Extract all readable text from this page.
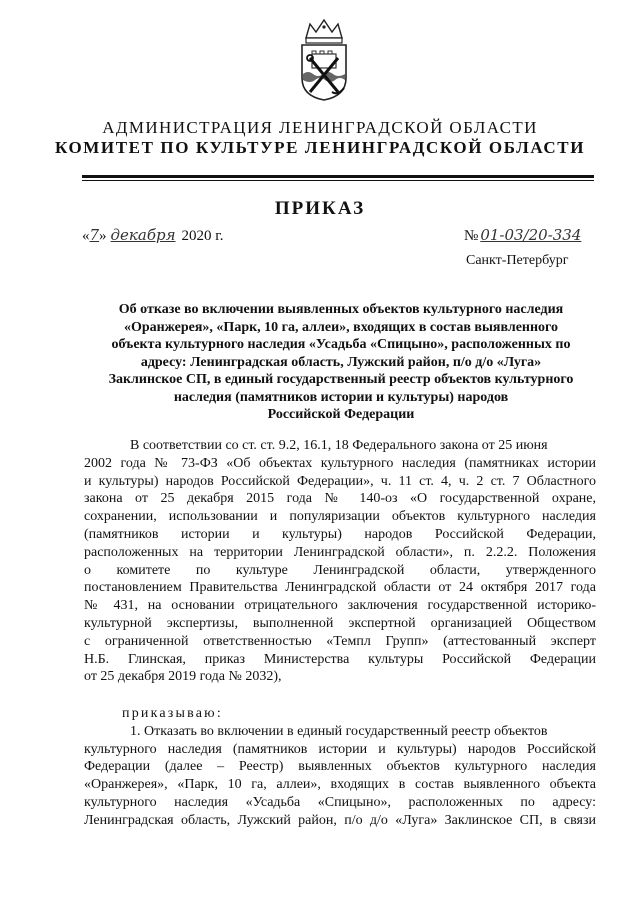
АДМИНИСТРАЦИЯ ЛЕНИНГРАДСКОЙ ОБЛАСТИ
КОМИТЕТ ПО КУЛЬТУРЕ ЛЕНИНГРАДСКОЙ ОБЛАСТИ
ПРИКАЗ
«7» декабря 2020 г.	№ 01-03/20-334
Санкт-Петербург
Об отказе во включении выявленных объектов культурного наследия
«Оранжерея», «Парк, 10 га, аллеи», входящих в состав выявленного
объекта культурного наследия «Усадьба «Спицыно», расположенных по
адресу: Ленинградская область, Лужский район, п/о д/о «Луга»
Заклинское СП, в единый государственный реестр объектов культурного
наследия (памятников истории и культуры) народов
Российской Федерации
В соответствии со ст. ст. 9.2, 16.1, 18 Федерального закона от 25 июня
2002 года № 73-ФЗ «Об объектах культурного наследия (памятниках истории
и культуры) народов Российской Федерации», ч. 11 ст. 4, ч. 2 ст. 7 Областного
закона от 25 декабря 2015 года № 140-оз «О государственной охране,
сохранении, использовании и популяризации объектов культурного наследия
(памятников истории и культуры) народов Российской Федерации,
расположенных на территории Ленинградской области», п. 2.2.2. Положения
о комитете по культуре Ленинградской области, утвержденного
постановлением Правительства Ленинградской области от 24 октября 2017 года
№ 431, на основании отрицательного заключения государственной историко-
культурной экспертизы, выполненной экспертной организацией Обществом
с ограниченной ответственностью «Темпл Групп» (аттестованный эксперт
Н.Б. Глинская, приказ Министерства культуры Российской Федерации
от 25 декабря 2019 года № 2032),
приказываю:
1. Отказать во включении в единый государственный реестр объектов
культурного наследия (памятников истории и культуры) народов Российской
Федерации (далее – Реестр) выявленных объектов культурного наследия
«Оранжерея», «Парк, 10 га, аллеи», входящих в состав выявленного объекта
культурного наследия «Усадьба «Спицыно», расположенных по адресу:
Ленинградская область, Лужский район, п/о д/о «Луга» Заклинское СП, в связи
